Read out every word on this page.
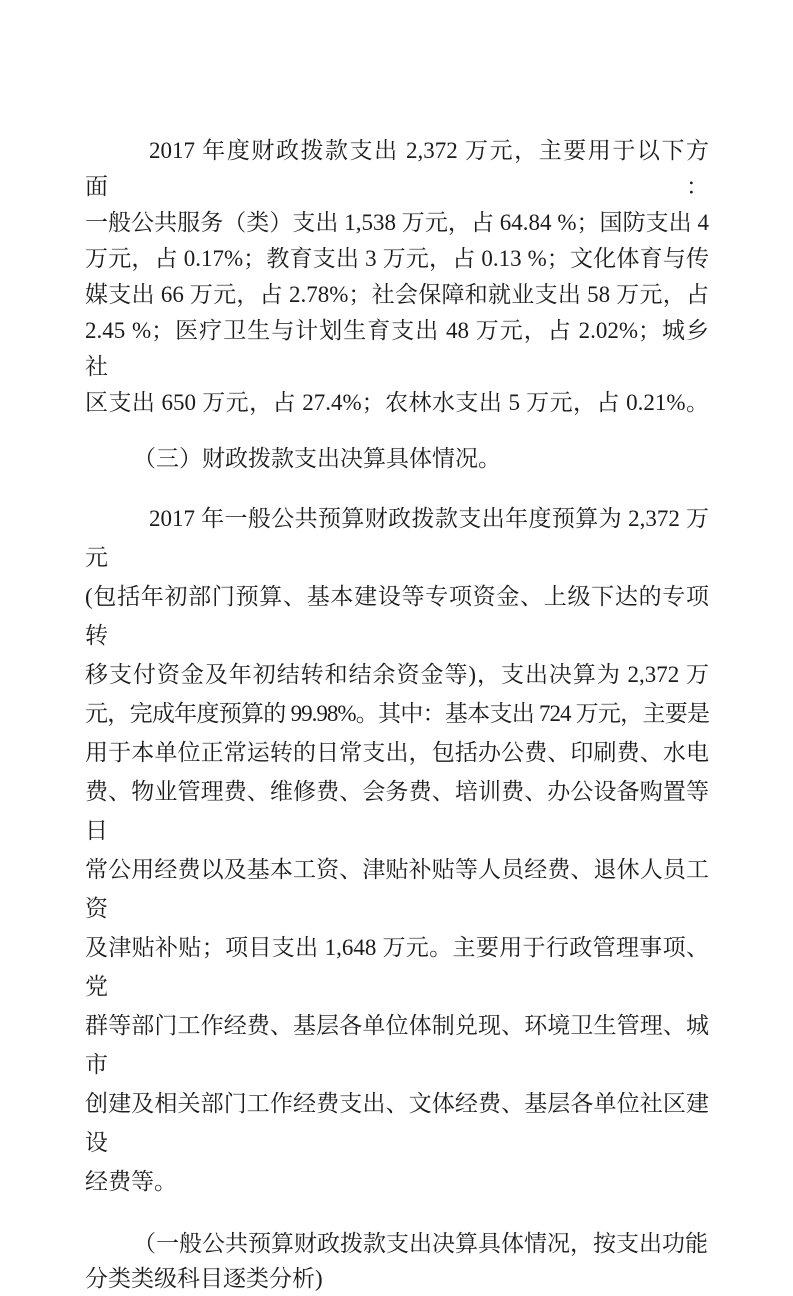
2017 年度财政拨款支出 2,372 万元，主要用于以下方面：
一般公共服务（类）支出 1,538 万元，占 64.84 %；国防支出 4
万元，占 0.17%；教育支出 3 万元，占 0.13 %；文化体育与传
媒支出 66 万元，占 2.78%；社会保障和就业支出 58 万元，占
2.45 %；医疗卫生与计划生育支出 48 万元，占 2.02%；城乡社
区支出 650 万元，占 27.4%；农林水支出 5 万元，占 0.21%。
（三）财政拨款支出决算具体情况。
2017 年一般公共预算财政拨款支出年度预算为 2,372 万元
(包括年初部门预算、基本建设等专项资金、上级下达的专项转
移支付资金及年初结转和结余资金等)，支出决算为 2,372 万
元，完成年度预算的 99.98%。其中：基本支出 724 万元，主要是
用于本单位正常运转的日常支出，包括办公费、印刷费、水电
费、物业管理费、维修费、会务费、培训费、办公设备购置等日
常公用经费以及基本工资、津贴补贴等人员经费、退休人员工资
及津贴补贴；项目支出 1,648 万元。主要用于行政管理事项、党
群等部门工作经费、基层各单位体制兑现、环境卫生管理、城市
创建及相关部门工作经费支出、文体经费、基层各单位社区建设
经费等。
（一般公共预算财政拨款支出决算具体情况，按支出功能
分类类级科目逐类分析)
